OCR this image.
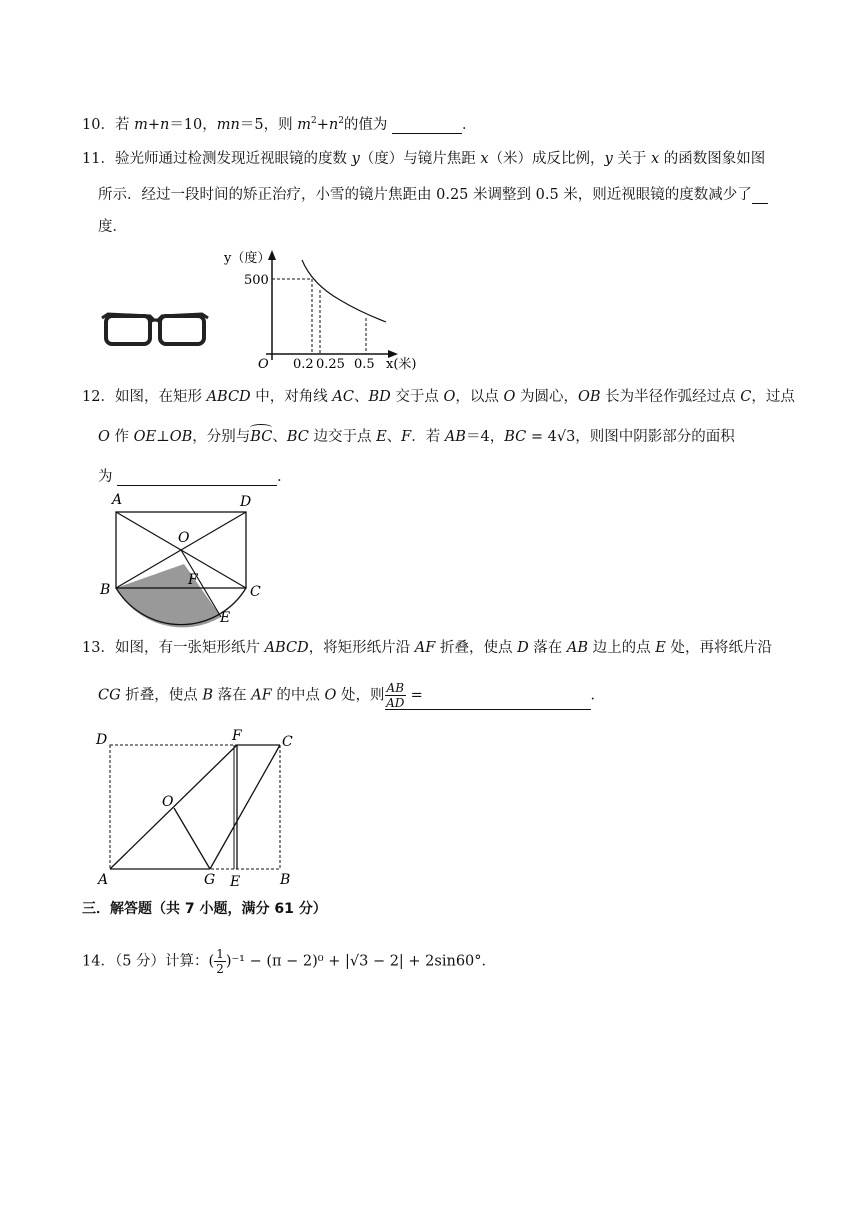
10．若 m+n＝10，mn＝5，则 $m^2+n^2$的值为	．
11．验光师通过检测发现近视眼镜的度数 y（度）与镜片焦距 x（米）成反比例，y 关于 x 的函数图象如图
所示．经过一段时间的矫正治疗，小雪的镜片焦距由 0.25 米调整到 0.5 米，则近视眼镜的度数减少了
度．
y（度）
500
O 0.2 0.25 0.5 x(米)
12．如图，在矩形 ABCD 中，对角线 AC、BD 交于点 O，以点 O 为圆心，OB 长为半径作弧经过点 C，过点
O 作 OE⊥OB，分别与
BC、BC 边交于点 E、F．若 AB＝4，BC = 4√3，则图中阴影部分的面积
为	．
A	D
O
F
B	C
E
13．如图，有一张矩形纸片 ABCD，将矩形纸片沿 AF 折叠，使点 D 落在 AB 边上的点 E 处，再将纸片沿
CG 折叠，使点 B 落在 AF 的中点 O 处，则 $\frac{AB}{AD}$ =	．
D	F	C
O
A	G E	B
三．解答题（共 7 小题，满分 61 分）
14．（5 分）计算：( $\frac{1}{2} )^{-1} - (\pi - 2)^0 + |√3 - 2| + 2\sin 60^\circ$．
